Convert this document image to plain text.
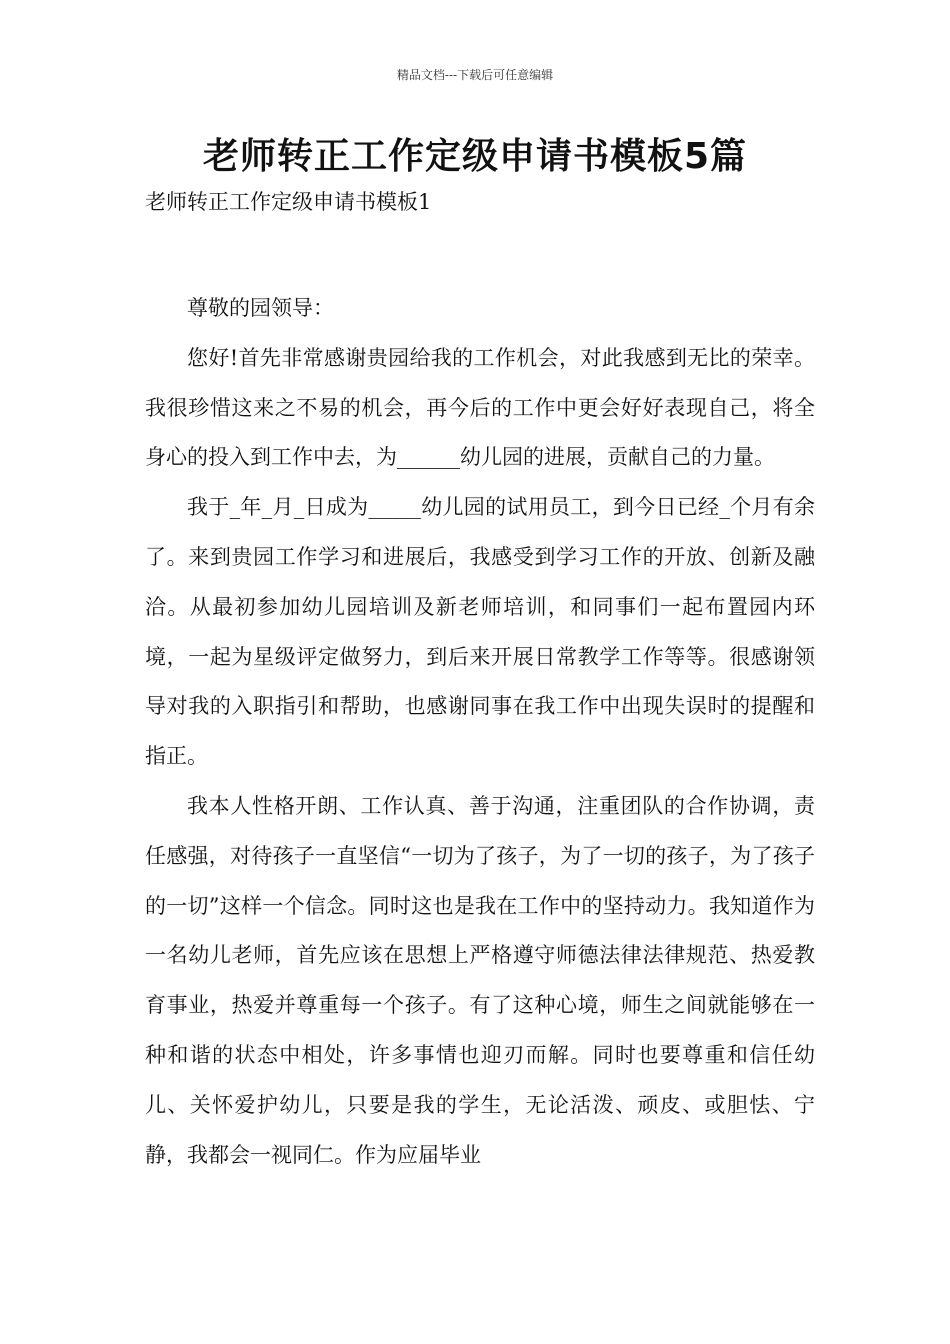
精品文档---下载后可任意编辑
老师转正工作定级申请书模板5篇
老师转正工作定级申请书模板1

尊敬的园领导：

您好!首先非常感谢贵园给我的工作机会，对此我感到无比的荣幸。我很珍惜这来之不易的机会，再今后的工作中更会好好表现自己，将全身心的投入到工作中去，为______幼儿园的进展，贡献自己的力量。

我于_年_月_日成为_____幼儿园的试用员工，到今日已经_个月有余了。来到贵园工作学习和进展后，我感受到学习工作的开放、创新及融洽。从最初参加幼儿园培训及新老师培训，和同事们一起布置园内环境，一起为星级评定做努力，到后来开展日常教学工作等等。很感谢领导对我的入职指引和帮助，也感谢同事在我工作中出现失误时的提醒和指正。

我本人性格开朗、工作认真、善于沟通，注重团队的合作协调，责任感强，对待孩子一直坚信“一切为了孩子，为了一切的孩子，为了孩子的一切”这样一个信念。同时这也是我在工作中的坚持动力。我知道作为一名幼儿老师，首先应该在思想上严格遵守师德法律法律规范、热爱教育事业，热爱并尊重每一个孩子。有了这种心境，师生之间就能够在一种和谐的状态中相处，许多事情也迎刃而解。同时也要尊重和信任幼儿、关怀爱护幼儿，只要是我的学生，无论活泼、顽皮、或胆怯、宁静，我都会一视同仁。作为应届毕业
